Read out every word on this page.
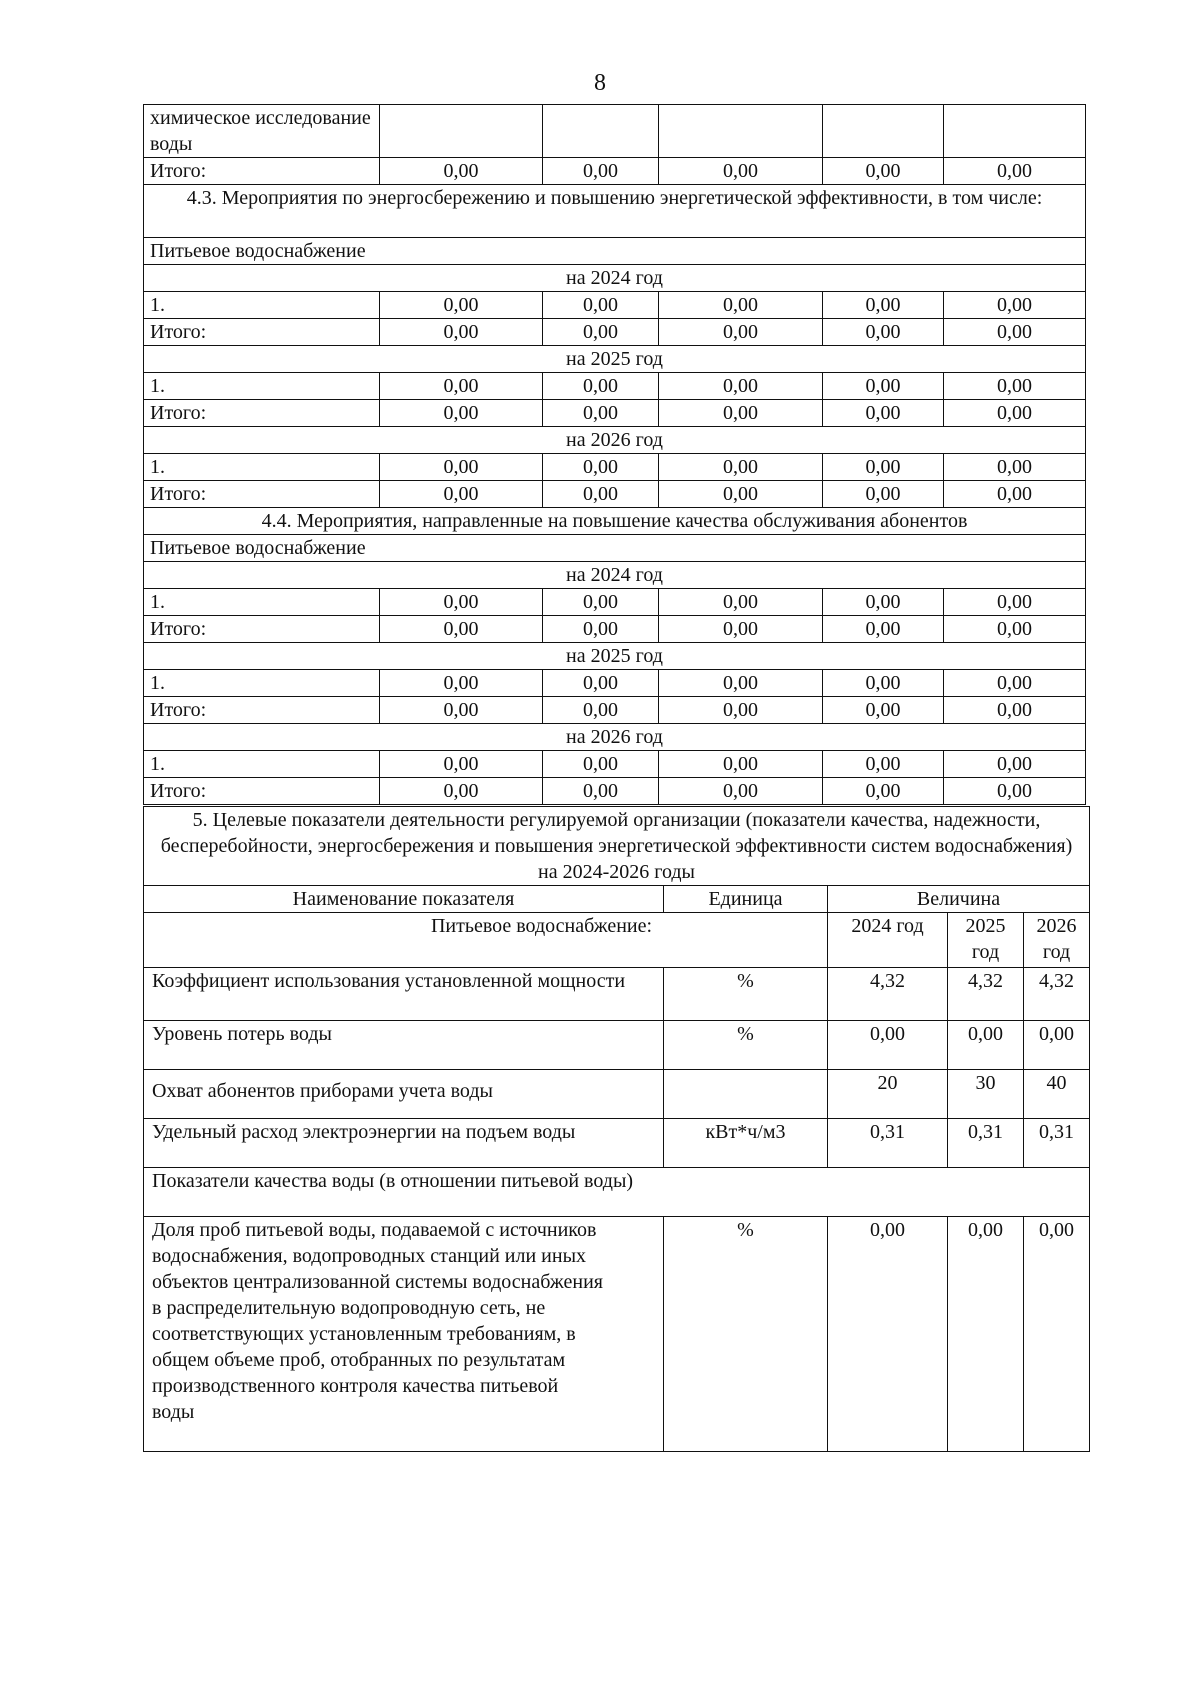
8
химическое исследование воды					
Итого:	0,00	0,00	0,00	0,00	0,00
4.3. Мероприятия по энергосбережению и повышению энергетической эффективности, в том числе:					
Питьевое водоснабжение					
на 2024 год					
1.	0,00	0,00	0,00	0,00	0,00
Итого:	0,00	0,00	0,00	0,00	0,00
на 2025 год					
1.	0,00	0,00	0,00	0,00	0,00
Итого:	0,00	0,00	0,00	0,00	0,00
на 2026 год					
1.	0,00	0,00	0,00	0,00	0,00
Итого:	0,00	0,00	0,00	0,00	0,00
4.4. Мероприятия, направленные на повышение качества обслуживания абонентов					
Питьевое водоснабжение					
на 2024 год					
1.	0,00	0,00	0,00	0,00	0,00
Итого:	0,00	0,00	0,00	0,00	0,00
на 2025 год					
1.	0,00	0,00	0,00	0,00	0,00
Итого:	0,00	0,00	0,00	0,00	0,00
на 2026 год					
1.	0,00	0,00	0,00	0,00	0,00
Итого:	0,00	0,00	0,00	0,00	0,00
5. Целевые показатели деятельности регулируемой организации (показатели качества, надежности, бесперебойности, энергосбережения и повышения энергетической эффективности систем водоснабжения) на 2024-2026 годы				
Наименование показателя	Единица	Величина		
Питьевое водоснабжение:		2024 год	2025 год	2026 год
Коэффициент использования установленной мощности	%	4,32	4,32	4,32
Уровень потерь воды	%	0,00	0,00	0,00

Охват абонентов приборами учета воды		20	30	40
Удельный расход электроэнергии на подъем воды	кВт*ч/м3	0,31	0,31	0,31
Показатели качества воды (в отношении питьевой воды)				
Доля проб питьевой воды, подаваемой с источников водоснабжения, водопроводных станций или иных объектов централизованной системы водоснабжения в распределительную водопроводную сеть, не соответствующих установленным требованиям, в общем объеме проб, отобранных по результатам производственного контроля качества питьевой воды	%	0,00	0,00	0,00
